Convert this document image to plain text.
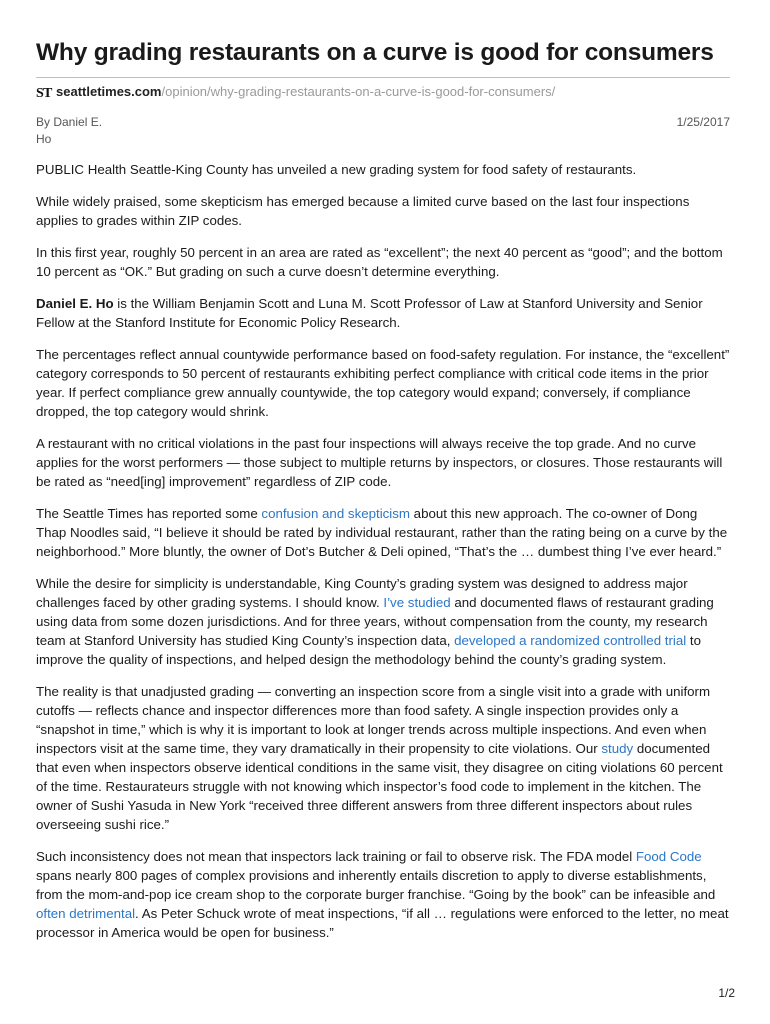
Why grading restaurants on a curve is good for consumers
S T seattletimes.com/opinion/why-grading-restaurants-on-a-curve-is-good-for-consumers/
By Daniel E. Ho
1/25/2017

PUBLIC Health Seattle-King County has unveiled a new grading system for food safety of restaurants.

While widely praised, some skepticism has emerged because a limited curve based on the last four inspections applies to grades within ZIP codes.

In this first year, roughly 50 percent in an area are rated as “excellent”; the next 40 percent as “good”; and the bottom 10 percent as “OK.” But grading on such a curve doesn’t determine everything.

Daniel E. Ho is the William Benjamin Scott and Luna M. Scott Professor of Law at Stanford University and Senior Fellow at the Stanford Institute for Economic Policy Research.

The percentages reflect annual countywide performance based on food-safety regulation. For instance, the “excellent” category corresponds to 50 percent of restaurants exhibiting perfect compliance with critical code items in the prior year. If perfect compliance grew annually countywide, the top category would expand; conversely, if compliance dropped, the top category would shrink.

A restaurant with no critical violations in the past four inspections will always receive the top grade. And no curve applies for the worst performers — those subject to multiple returns by inspectors, or closures. Those restaurants will be rated as “need[ing] improvement” regardless of ZIP code.

The Seattle Times has reported some confusion and skepticism about this new approach. The co-owner of Dong Thap Noodles said, “I believe it should be rated by individual restaurant, rather than the rating being on a curve by the neighborhood.” More bluntly, the owner of Dot’s Butcher & Deli opined, “That’s the … dumbest thing I’ve ever heard.”

While the desire for simplicity is understandable, King County’s grading system was designed to address major challenges faced by other grading systems. I should know. I’ve studied and documented flaws of restaurant grading using data from some dozen jurisdictions. And for three years, without compensation from the county, my research team at Stanford University has studied King County’s inspection data, developed a randomized controlled trial to improve the quality of inspections, and helped design the methodology behind the county’s grading system.

The reality is that unadjusted grading — converting an inspection score from a single visit into a grade with uniform cutoffs — reflects chance and inspector differences more than food safety. A single inspection provides only a “snapshot in time,” which is why it is important to look at longer trends across multiple inspections. And even when inspectors visit at the same time, they vary dramatically in their propensity to cite violations. Our study documented that even when inspectors observe identical conditions in the same visit, they disagree on citing violations 60 percent of the time. Restaurateurs struggle with not knowing which inspector’s food code to implement in the kitchen. The owner of Sushi Yasuda in New York “received three different answers from three different inspectors about rules overseeing sushi rice.”

Such inconsistency does not mean that inspectors lack training or fail to observe risk. The FDA model Food Code spans nearly 800 pages of complex provisions and inherently entails discretion to apply to diverse establishments, from the mom-and-pop ice cream shop to the corporate burger franchise. “Going by the book” can be infeasible and often detrimental. As Peter Schuck wrote of meat inspections, “if all … regulations were enforced to the letter, no meat processor in America would be open for business.”

1/2
